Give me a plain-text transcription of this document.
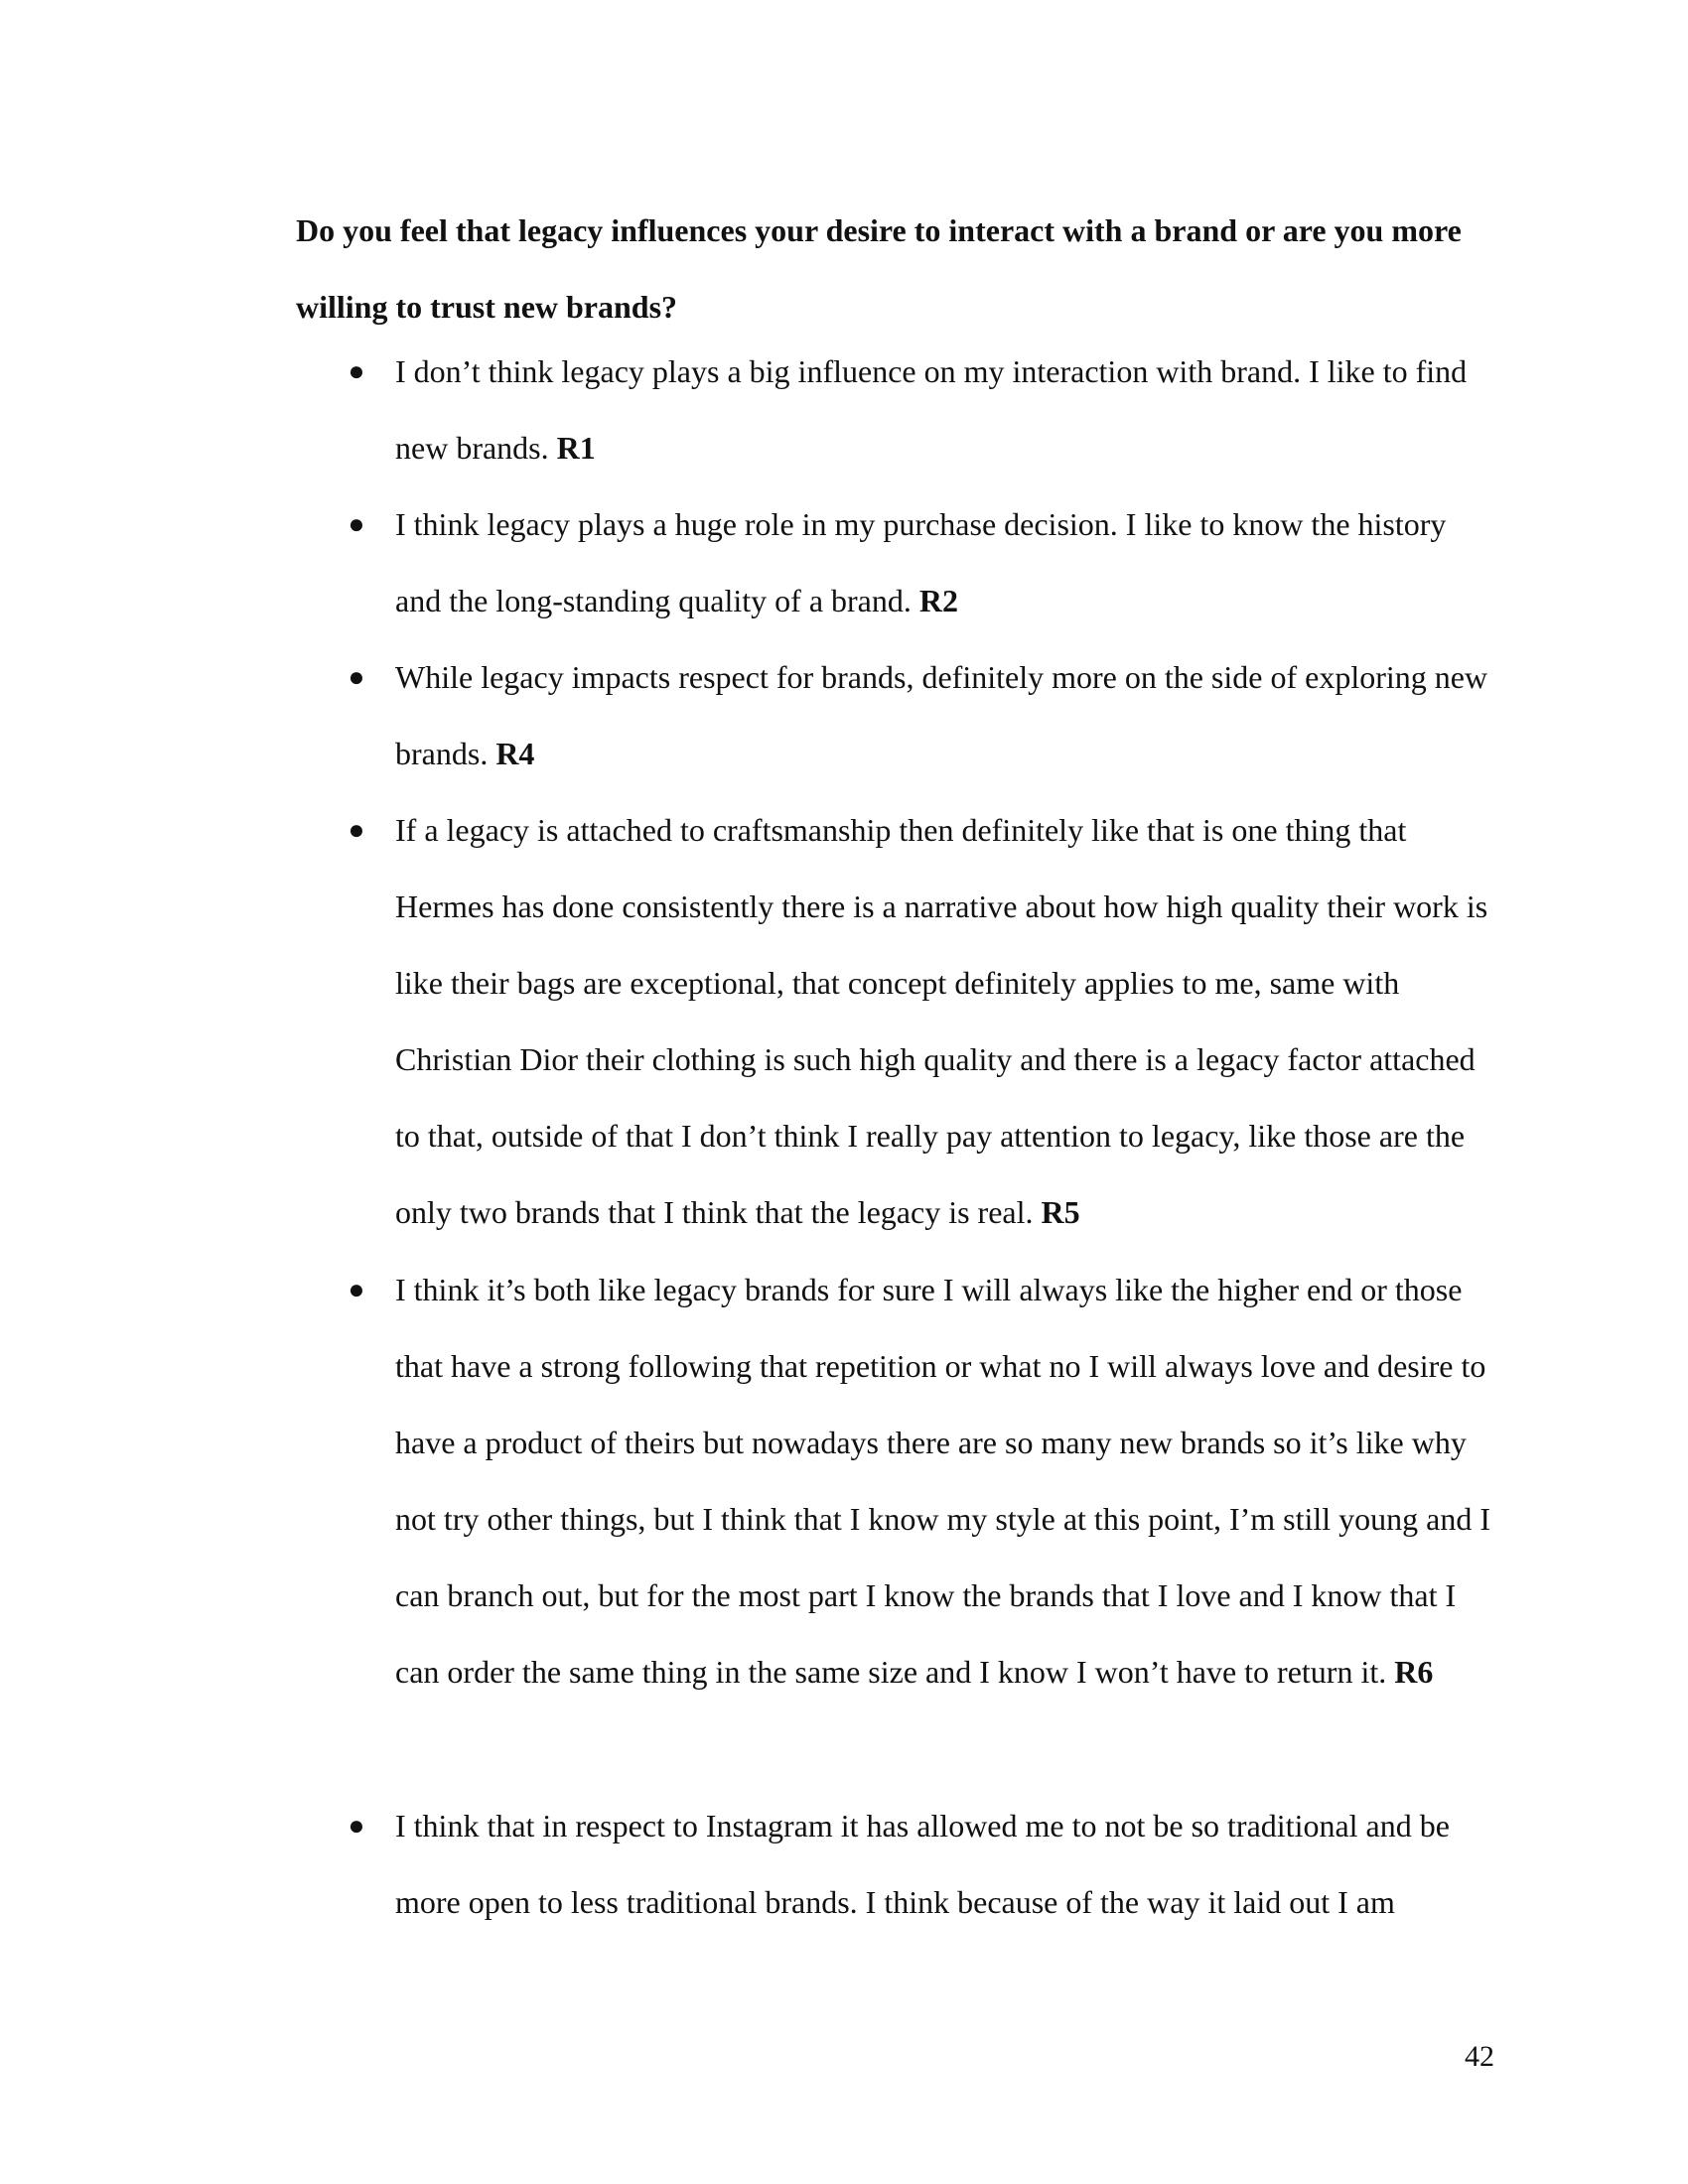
Do you feel that legacy influences your desire to interact with a brand or are you more willing to trust new brands?

● I don’t think legacy plays a big influence on my interaction with brand. I like to find new brands. R1

● I think legacy plays a huge role in my purchase decision. I like to know the history and the long-standing quality of a brand. R2

● While legacy impacts respect for brands, definitely more on the side of exploring new brands. R4

● If a legacy is attached to craftsmanship then definitely like that is one thing that Hermes has done consistently there is a narrative about how high quality their work is like their bags are exceptional, that concept definitely applies to me, same with Christian Dior their clothing is such high quality and there is a legacy factor attached to that, outside of that I don’t think I really pay attention to legacy, like those are the only two brands that I think that the legacy is real. R5

● I think it’s both like legacy brands for sure I will always like the higher end or those that have a strong following that repetition or what no I will always love and desire to have a product of theirs but nowadays there are so many new brands so it’s like why not try other things, but I think that I know my style at this point, I’m still young and I can branch out, but for the most part I know the brands that I love and I know that I can order the same thing in the same size and I know I won’t have to return it. R6

● I think that in respect to Instagram it has allowed me to not be so traditional and be more open to less traditional brands. I think because of the way it laid out I am

42
